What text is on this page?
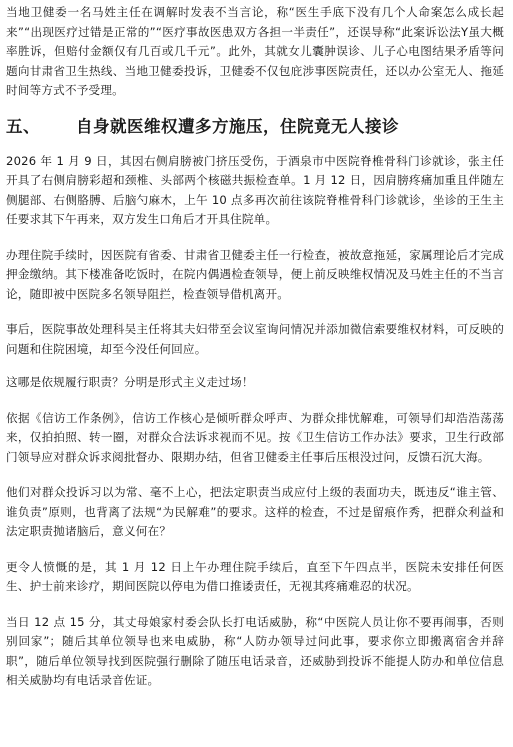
当地卫健委一名马姓主任在调解时发表不当言论，称“医生手底下没有几个人命案怎么成长起来”“出现医疗过错是正常的”“医疗事故医患双方各担一半责任”，还误导称“此案诉讼法Y虽大概率胜诉，但赔付金额仅有几百或几千元”。此外，其就女儿囊肿误诊、儿子心电图结果矛盾等问题向甘肃省卫生热线、当地卫健委投诉，卫健委不仅包庇涉事医院责任，还以办公室无人、拖延时间等方式不予受理。

五、 自身就医维权遭多方施压，住院竟无人接诊

2026 年 1 月 9 日，其因右侧肩膀被门挤压受伤，于酒泉市中医院脊椎骨科门诊就诊，张主任开具了右侧肩膀彩超和颈椎、头部两个核磁共振检查单。1 月 12 日，因肩膀疼痛加重且伴随左侧腿部、右侧胳膊、后脑勺麻木，上午 10 点多再次前往该院脊椎骨科门诊就诊，坐诊的王生主任要求其下午再来，双方发生口角后才开具住院单。

办理住院手续时，因医院有省委、甘肃省卫健委主任一行检查，被故意拖延，家属理论后才完成押金缴纳。其下楼准备吃饭时，在院内偶遇检查领导，便上前反映维权情况及马姓主任的不当言论，随即被中医院多名领导阻拦，检查领导借机离开。

事后，医院事故处理科吴主任将其夫妇带至会议室询问情况并添加微信索要维权材料，可反映的问题和住院困境，却至今没任何回应。

这哪是依规履行职责？分明是形式主义走过场！

依据《信访工作条例》，信访工作核心是倾听群众呼声、为群众排忧解难，可领导们却浩浩荡荡来，仅拍拍照、转一圈，对群众合法诉求视而不见。按《卫生信访工作办法》要求，卫生行政部门领导应对群众诉求阅批督办、限期办结，但省卫健委主任事后压根没过问，反馈石沉大海。

他们对群众投诉习以为常、毫不上心，把法定职责当成应付上级的表面功夫，既违反“谁主管、谁负责”原则，也背离了法规“为民解难”的要求。这样的检查，不过是留痕作秀，把群众利益和法定职责抛诸脑后，意义何在？

更令人愤慨的是，其 1 月 12 日上午办理住院手续后，直至下午四点半，医院未安排任何医生、护士前来诊疗，期间医院以停电为借口推诿责任，无视其疼痛难忍的状况。

当日 12 点 15 分，其丈母娘家村委会队长打电话威胁，称“中医院人员让你不要再闹事，否则别回家”；随后其单位领导也来电威胁，称“人防办领导过问此事，要求你立即搬离宿舍并辞职”，随后单位领导找到医院强行删除了随压电话录音，还威胁到投诉不能提人防办和单位信息相关威胁均有电话录音佐证。
